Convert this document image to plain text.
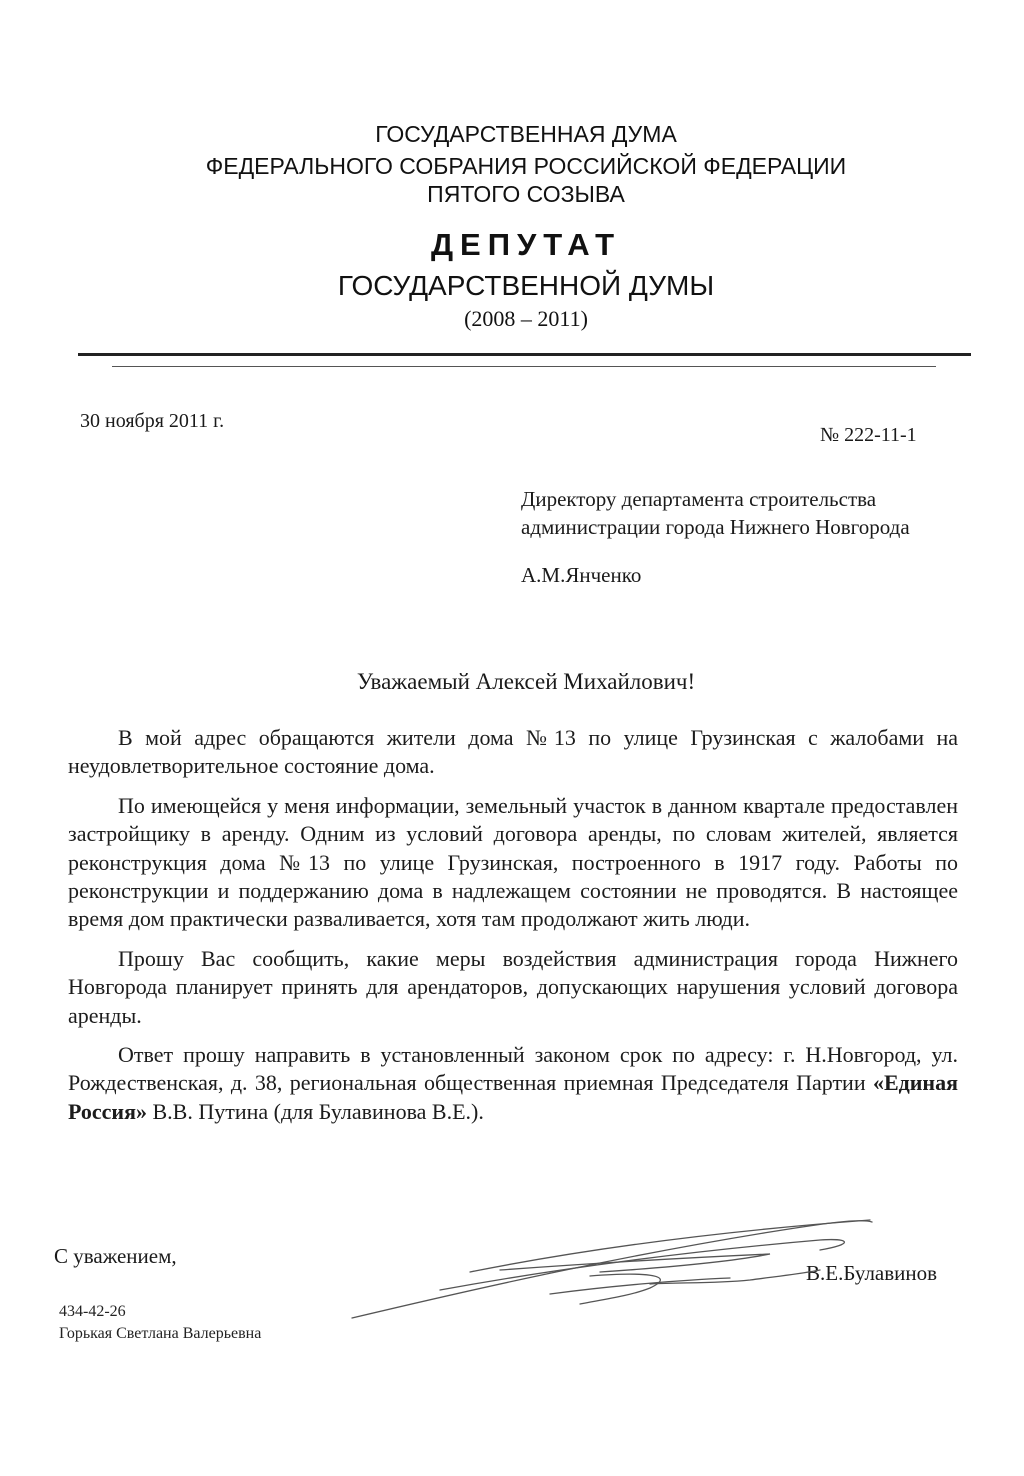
ГОСУДАРСТВЕННАЯ ДУМА
ФЕДЕРАЛЬНОГО СОБРАНИЯ РОССИЙСКОЙ ФЕДЕРАЦИИ
ПЯТОГО СОЗЫВА
ДЕПУТАТ
ГОСУДАРСТВЕННОЙ ДУМЫ
(2008 – 2011)
30 ноября 2011 г.
№ 222-11-1
Директору департамента строительства
администрации города Нижнего Новгорода
А.М.Янченко
Уважаемый Алексей Михайлович!

В мой адрес обращаются жители дома №13 по улице Грузинская с жалобами на неудовлетворительное состояние дома.

По имеющейся у меня информации, земельный участок в данном квартале предоставлен застройщику в аренду. Одним из условий договора аренды, по словам жителей, является реконструкция дома №13 по улице Грузинская, построенного в 1917 году. Работы по реконструкции и поддержанию дома в надлежащем состоянии не проводятся. В настоящее время дом практически разваливается, хотя там продолжают жить люди.

Прошу Вас сообщить, какие меры воздействия администрация города Нижнего Новгорода планирует принять для арендаторов, допускающих нарушения условий договора аренды.

Ответ прошу направить в установленный законом срок по адресу: г. Н.Новгород, ул. Рождественская, д. 38, региональная общественная приемная Председателя Партии «Единая Россия» В.В. Путина (для Булавинова В.Е.).

С уважением,
В.Е.Булавинов
434-42-26
Горькая Светлана Валерьевна
